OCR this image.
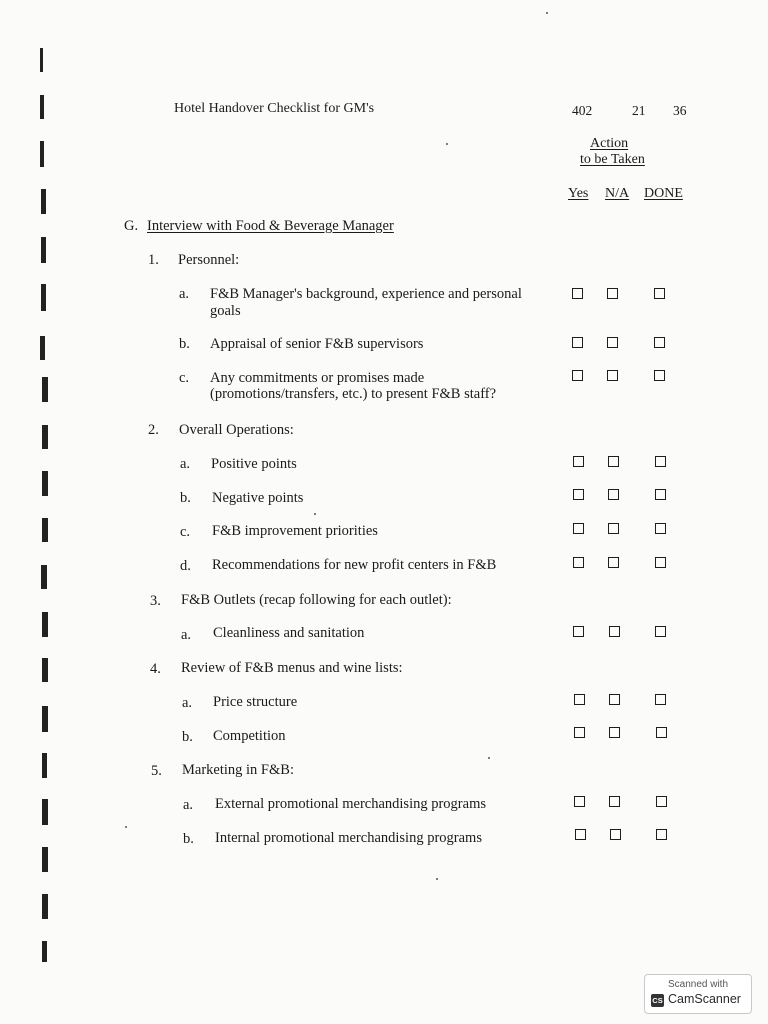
Hotel Handover Checklist for GM's	402	21 36
Action
to be Taken
Yes N/A DONE
G. Interview with Food & Beverage Manager
1. Personnel:
a. F&B Manager's background, experience and personal
goals
b. Appraisal of senior F&B supervisors
c. Any commitments or promises made
(promotions/transfers, etc.) to present F&B staff?
2. Overall Operations:
a. Positive points
b. Negative points
c. F&B improvement priorities
d. Recommendations for new profit centers in F&B
3. F&B Outlets (recap following for each outlet):
a. Cleanliness and sanitation
4. Review of F&B menus and wine lists:
a. Price structure
b. Competition
5. Marketing in F&B:
a. External promotional merchandising programs
b. Internal promotional merchandising programs
Scanned with
CS CamScanner
